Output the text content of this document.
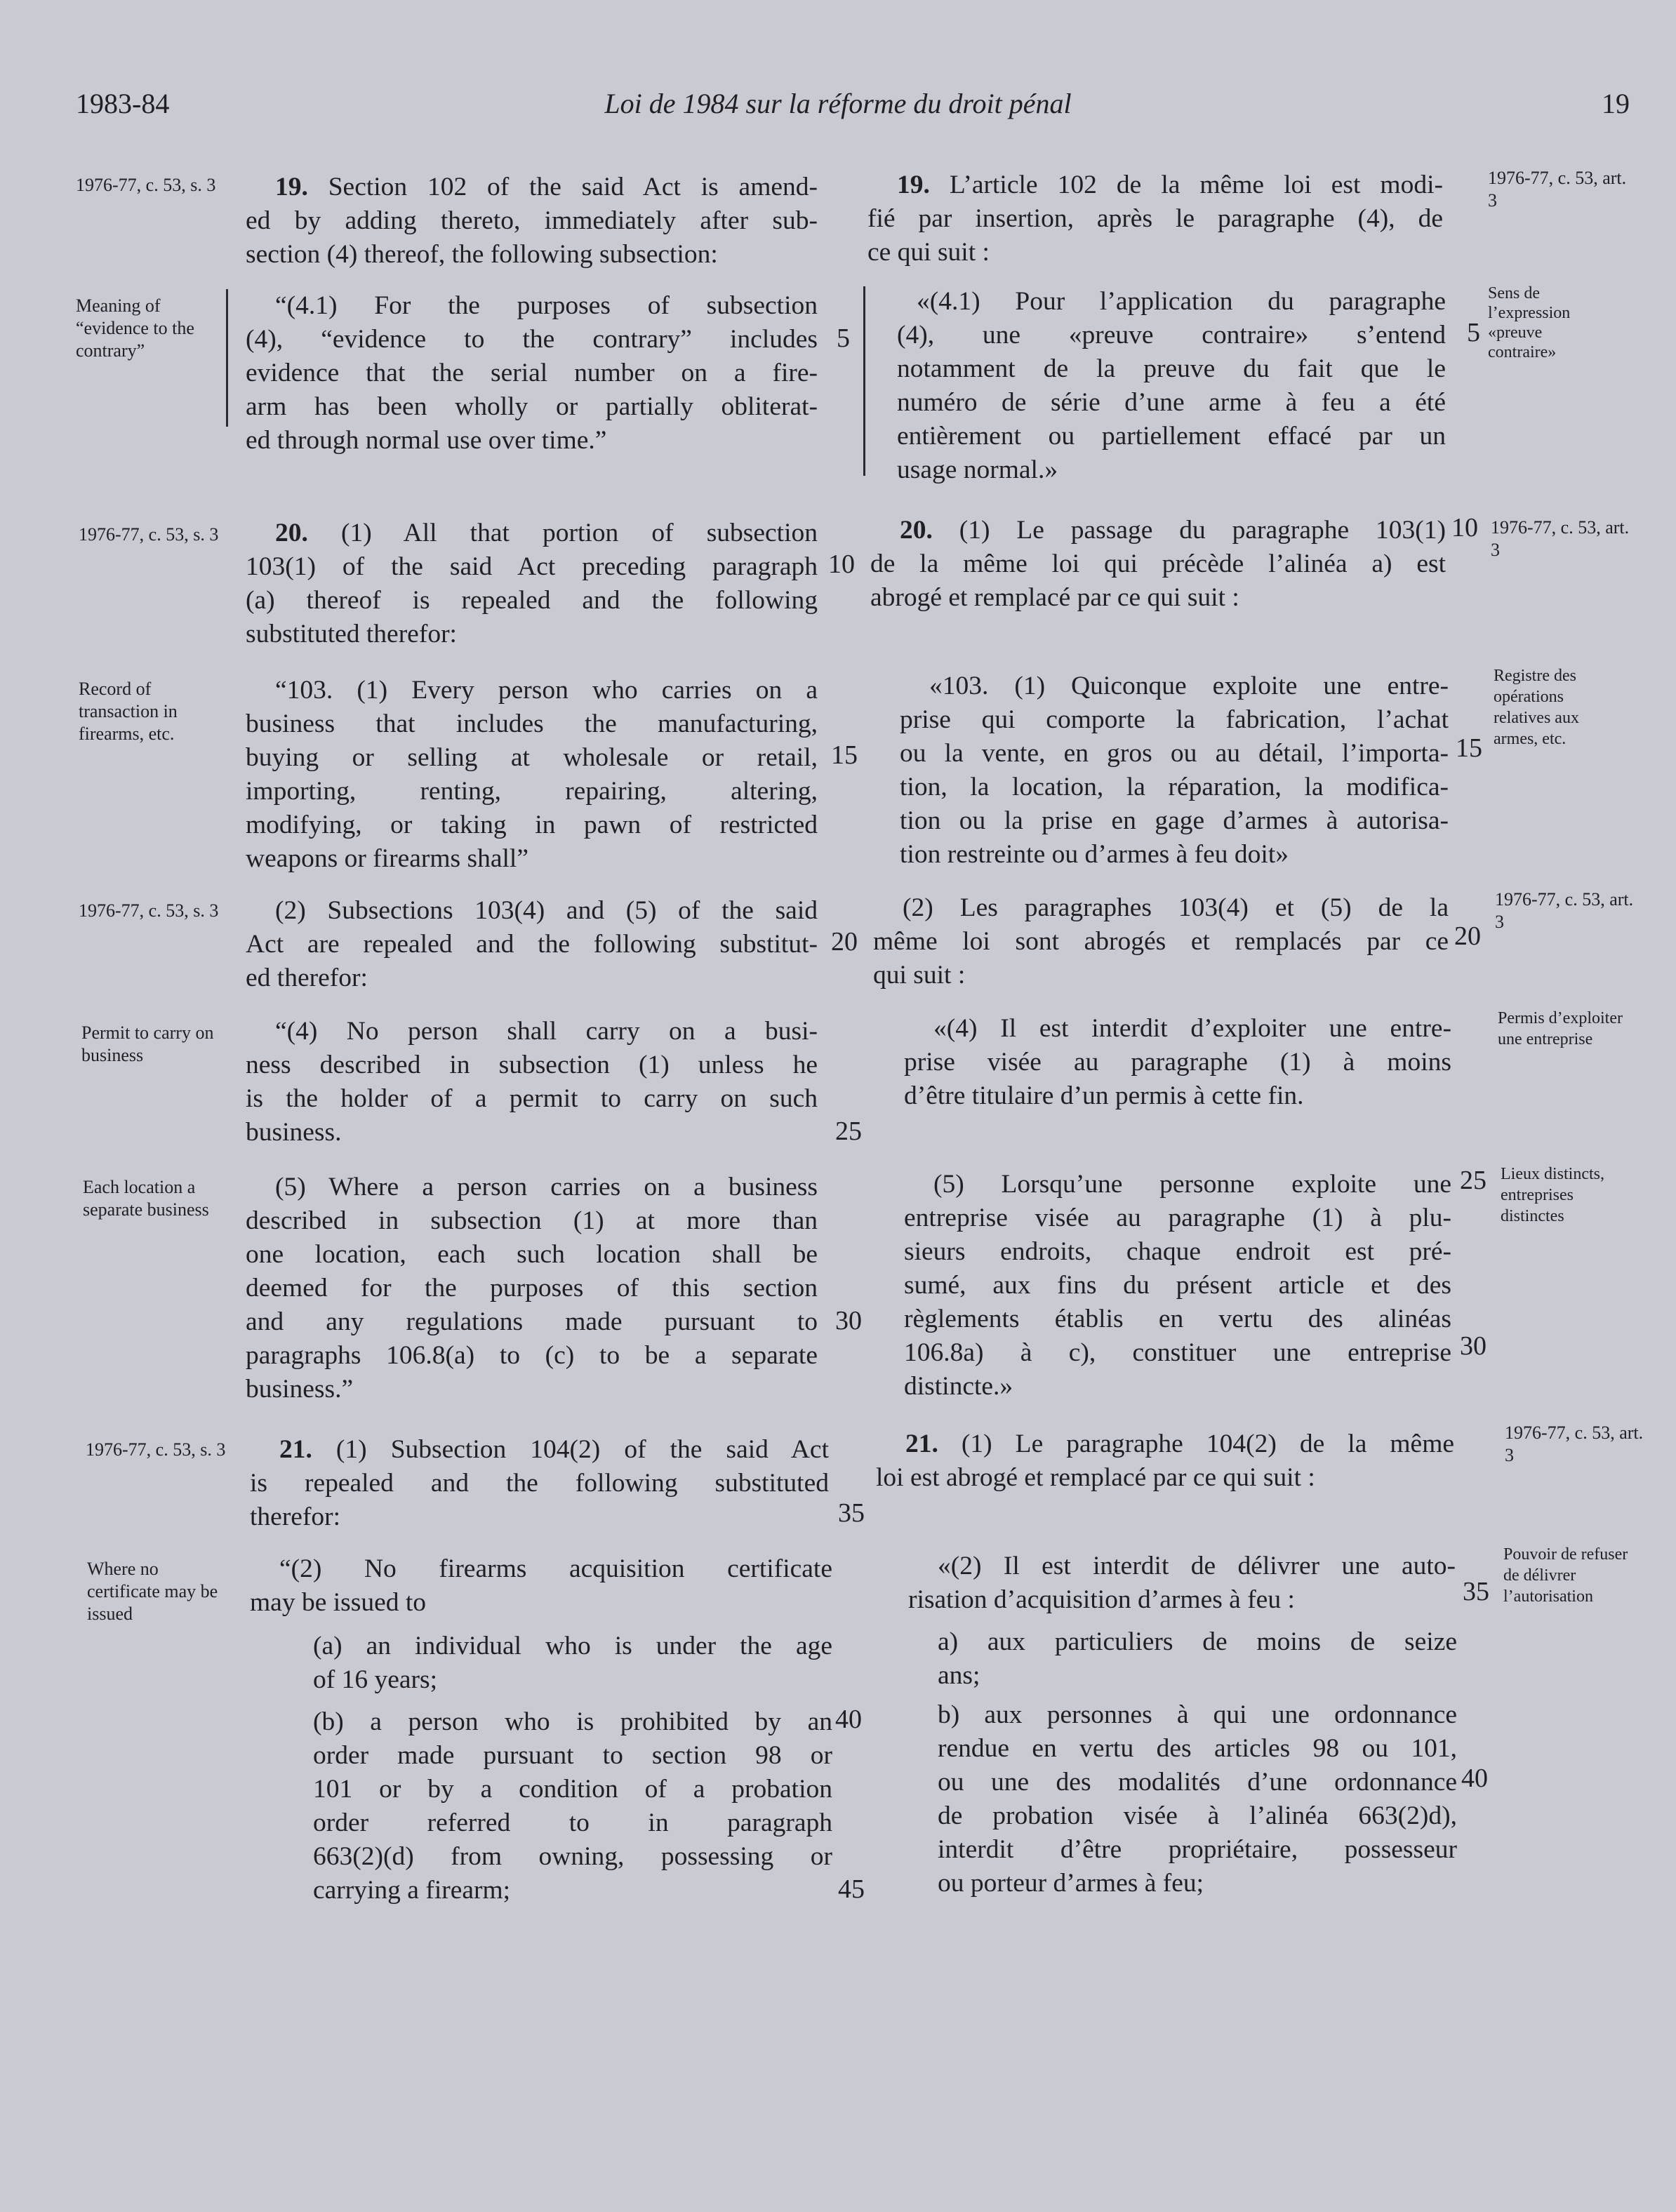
1983-84	Loi de 1984 sur la réforme du droit pénal	19

1976-77, c. 53, s. 3

Meaning of “evidence to the contrary”

1976-77, c. 53, s. 3

Record of transaction in firearms, etc.

1976-77, c. 53, s. 3

Permit to carry on business

Each location a separate business

1976-77, c. 53, s. 3

Where no certificate may be issued

19. Section 102 of the said Act is amend-
ed by adding thereto, immediately after sub-
section (4) thereof, the following subsection:
“(4.1) For the purposes of subsection
(4), “evidence to the contrary” includes
evidence that the serial number on a fire-
arm has been wholly or partially obliterat-
ed through normal use over time.”
20. (1) All that portion of subsection
103(1) of the said Act preceding paragraph
(a) thereof is repealed and the following
substituted therefor:
“103. (1) Every person who carries on a
business that includes the manufacturing,
buying or selling at wholesale or retail,
importing, renting, repairing, altering,
modifying, or taking in pawn of restricted
weapons or firearms shall”
(2) Subsections 103(4) and (5) of the said
Act are repealed and the following substitut-
ed therefor:
“(4) No person shall carry on a busi-
ness described in subsection (1) unless he
is the holder of a permit to carry on such
business.
(5) Where a person carries on a business
described in subsection (1) at more than
one location, each such location shall be
deemed for the purposes of this section
and any regulations made pursuant to
paragraphs 106.8(a) to (c) to be a separate
business.”
21. (1) Subsection 104(2) of the said Act
is repealed and the following substituted
therefor:
“(2) No firearms acquisition certificate
may be issued to
(a) an individual who is under the age
of 16 years;
(b) a person who is prohibited by an
order made pursuant to section 98 or
101 or by a condition of a probation
order referred to in paragraph
663(2)(d) from owning, possessing or
carrying a firearm;
5
10
15
20
25
30
35
40
45
19. L’article 102 de la même loi est modi-
fié par insertion, après le paragraphe (4), de
ce qui suit :
«(4.1) Pour l’application du paragraphe
(4), une «preuve contraire» s’entend
notamment de la preuve du fait que le
numéro de série d’une arme à feu a été
entièrement ou partiellement effacé par un
usage normal.»
20. (1) Le passage du paragraphe 103(1)
de la même loi qui précède l’alinéa a) est
abrogé et remplacé par ce qui suit :
«103. (1) Quiconque exploite une entre-
prise qui comporte la fabrication, l’achat
ou la vente, en gros ou au détail, l’importa-
tion, la location, la réparation, la modifica-
tion ou la prise en gage d’armes à autorisa-
tion restreinte ou d’armes à feu doit»
(2) Les paragraphes 103(4) et (5) de la
même loi sont abrogés et remplacés par ce
qui suit :
«(4) Il est interdit d’exploiter une entre-
prise visée au paragraphe (1) à moins
d’être titulaire d’un permis à cette fin.
(5) Lorsqu’une personne exploite une
entreprise visée au paragraphe (1) à plu-
sieurs endroits, chaque endroit est pré-
sumé, aux fins du présent article et des
règlements établis en vertu des alinéas
106.8a) à c), constituer une entreprise
distincte.»
21. (1) Le paragraphe 104(2) de la même
loi est abrogé et remplacé par ce qui suit :
«(2) Il est interdit de délivrer une auto-
risation d’acquisition d’armes à feu :
a) aux particuliers de moins de seize
ans;
b) aux personnes à qui une ordonnance
rendue en vertu des articles 98 ou 101,
ou une des modalités d’une ordonnance
de probation visée à l’alinéa 663(2)d),
interdit d’être propriétaire, possesseur
ou porteur d’armes à feu;
5
10
15
20
25
30
35
40

1976-77, c. 53, art. 3

Sens de l’expression «preuve contraire»

1976-77, c. 53, art. 3

Registre des opérations relatives aux armes, etc.

1976-77, c. 53, art. 3

Permis d’exploiter une entreprise

Lieux distincts, entreprises distinctes

1976-77, c. 53, art. 3

Pouvoir de refuser de délivrer l’autorisation
